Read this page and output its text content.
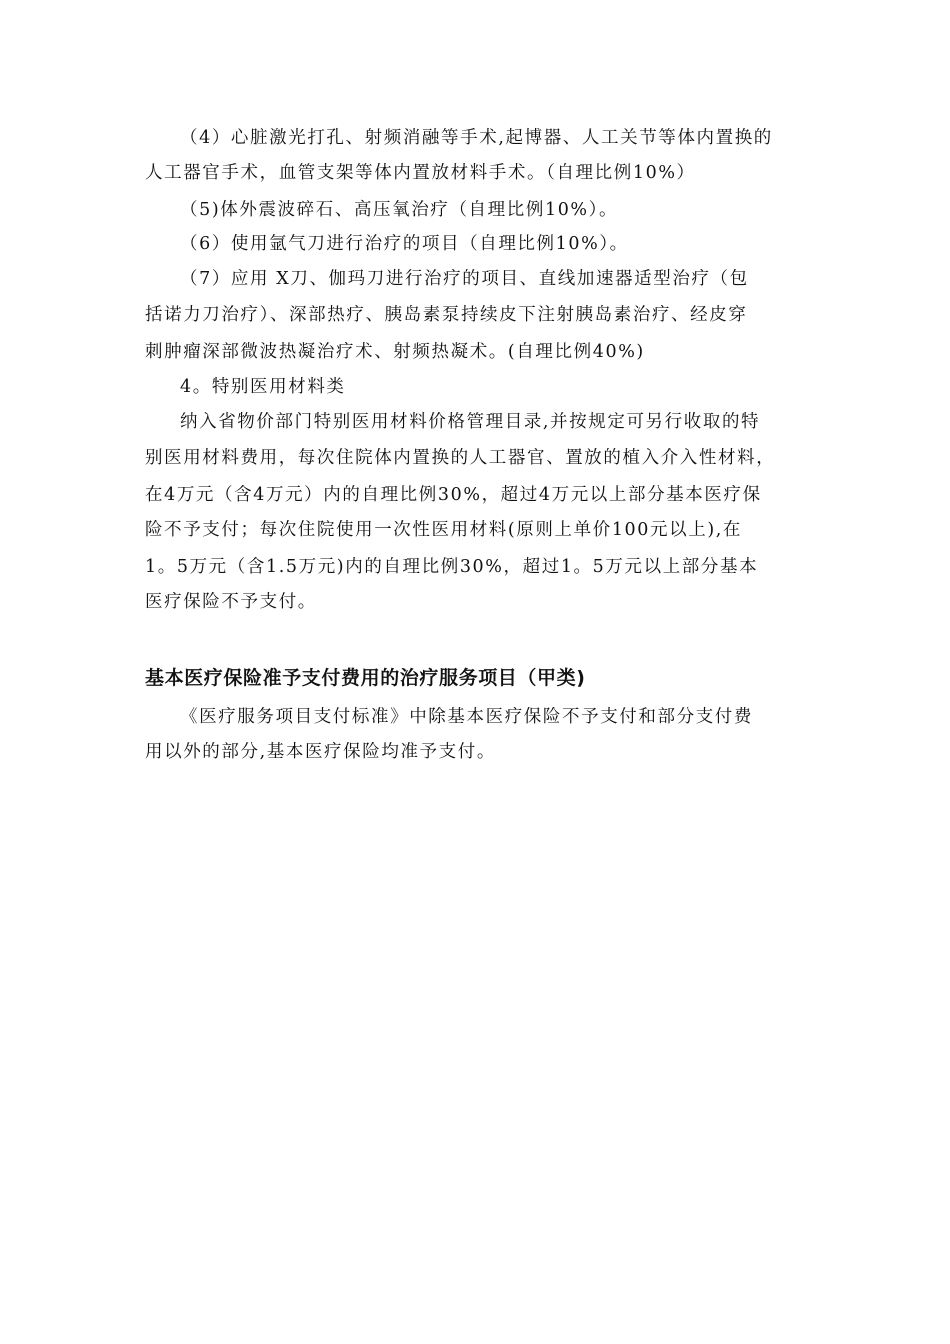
（4）心脏激光打孔、射频消融等手术,起博器、人工关节等体内置换的
人工器官手术，血管支架等体内置放材料手术。（自理比例10%）
（5)体外震波碎石、高压氧治疗（自理比例10%）。
（6）使用氩气刀进行治疗的项目（自理比例10%）。
（7）应用 X刀、伽玛刀进行治疗的项目、直线加速器适型治疗（包
括诺力刀治疗）、深部热疗、胰岛素泵持续皮下注射胰岛素治疗、经皮穿
刺肿瘤深部微波热凝治疗术、射频热凝术。(自理比例40%)
4。特别医用材料类
纳入省物价部门特别医用材料价格管理目录,并按规定可另行收取的特
别医用材料费用，每次住院体内置换的人工器官、置放的植入介入性材料，
在4万元（含4万元）内的自理比例30%，超过4万元以上部分基本医疗保
险不予支付；每次住院使用一次性医用材料(原则上单价100元以上),在
1。5万元（含1.5万元)内的自理比例30%，超过1。5万元以上部分基本
医疗保险不予支付。
基本医疗保险准予支付费用的治疗服务项目（甲类)
《医疗服务项目支付标准》中除基本医疗保险不予支付和部分支付费
用以外的部分,基本医疗保险均准予支付。
